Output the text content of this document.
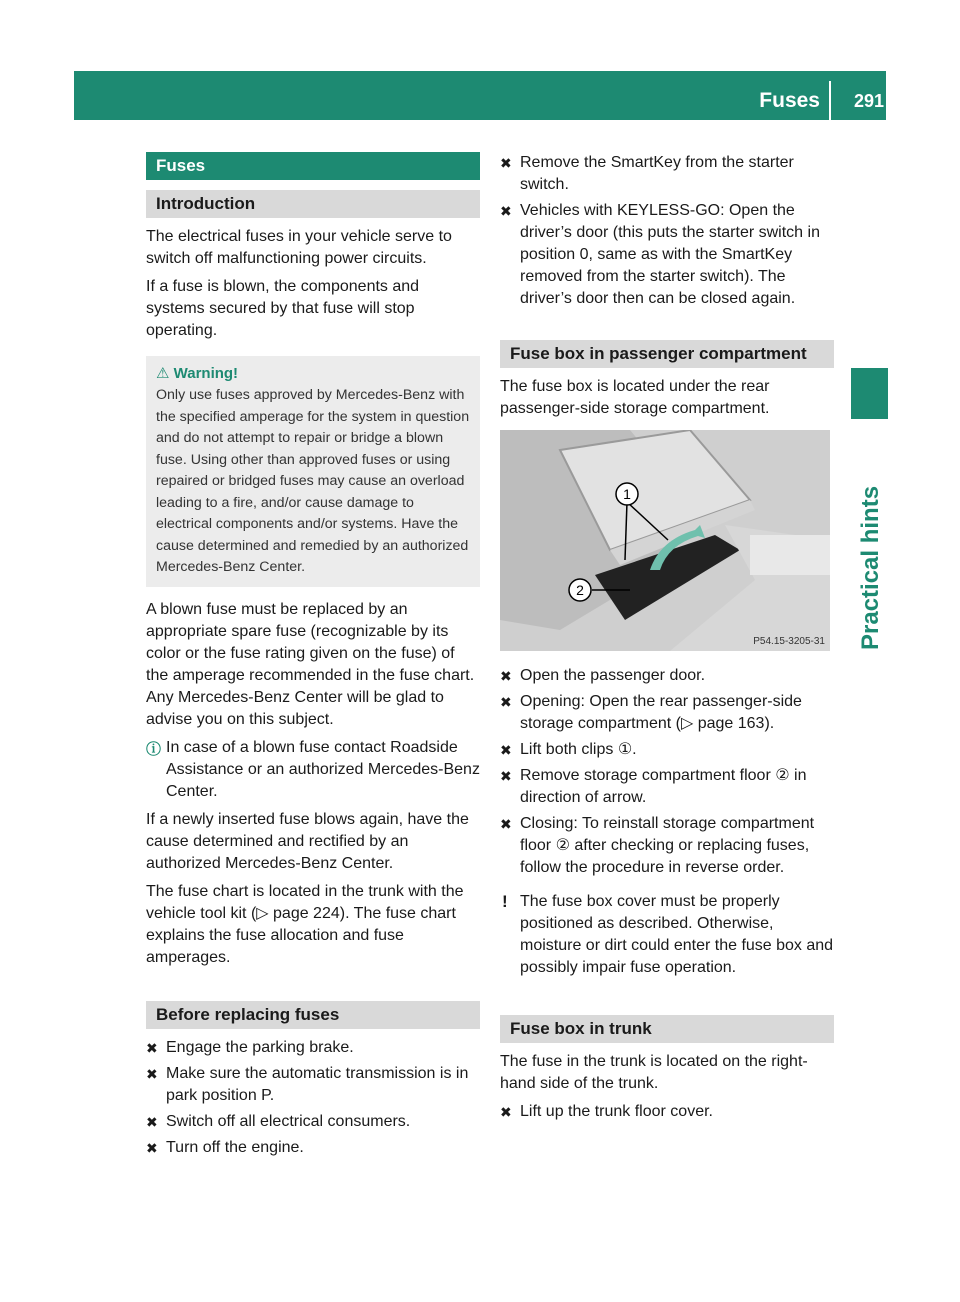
Fuses 291
Practical hints
Fuses
Introduction

The electrical fuses in your vehicle serve to switch off malfunctioning power circuits.

If a fuse is blown, the components and systems secured by that fuse will stop operating.

⚠ Warning!
Only use fuses approved by Mercedes-Benz with the specified amperage for the system in question and do not attempt to repair or bridge a blown fuse. Using other than approved fuses or using repaired or bridged fuses may cause an overload leading to a fire, and/or cause damage to electrical components and/or systems. Have the cause determined and remedied by an authorized Mercedes-Benz Center.

A blown fuse must be replaced by an appropriate spare fuse (recognizable by its color or the fuse rating given on the fuse) of the amperage recommended in the fuse chart. Any Mercedes-Benz Center will be glad to advise you on this subject.

ⓘ In case of a blown fuse contact Roadside Assistance or an authorized Mercedes-Benz Center.

If a newly inserted fuse blows again, have the cause determined and rectified by an authorized Mercedes-Benz Center.

The fuse chart is located in the trunk with the vehicle tool kit (▷ page 224). The fuse chart explains the fuse allocation and fuse amperages.

Before replacing fuses
✖ Engage the parking brake.
✖ Make sure the automatic transmission is in park position P.
✖ Switch off all electrical consumers.
✖ Turn off the engine.
✖ Remove the SmartKey from the starter switch.
✖ Vehicles with KEYLESS-GO: Open the driver’s door (this puts the starter switch in position 0, same as with the SmartKey removed from the starter switch). The driver’s door then can be closed again.
Fuse box in passenger compartment

The fuse box is located under the rear passenger-side storage compartment.

1
2
P54.15-3205-31
✖ Open the passenger door.
✖ Opening: Open the rear passenger-side storage compartment (▷ page 163).
✖ Lift both clips ①.
✖ Remove storage compartment floor ② in direction of arrow.
✖ Closing: To reinstall storage compartment floor ② after checking or replacing fuses, follow the procedure in reverse order.
! The fuse box cover must be properly positioned as described. Otherwise, moisture or dirt could enter the fuse box and possibly impair fuse operation.
Fuse box in trunk

The fuse in the trunk is located on the right-hand side of the trunk.

✖ Lift up the trunk floor cover.
